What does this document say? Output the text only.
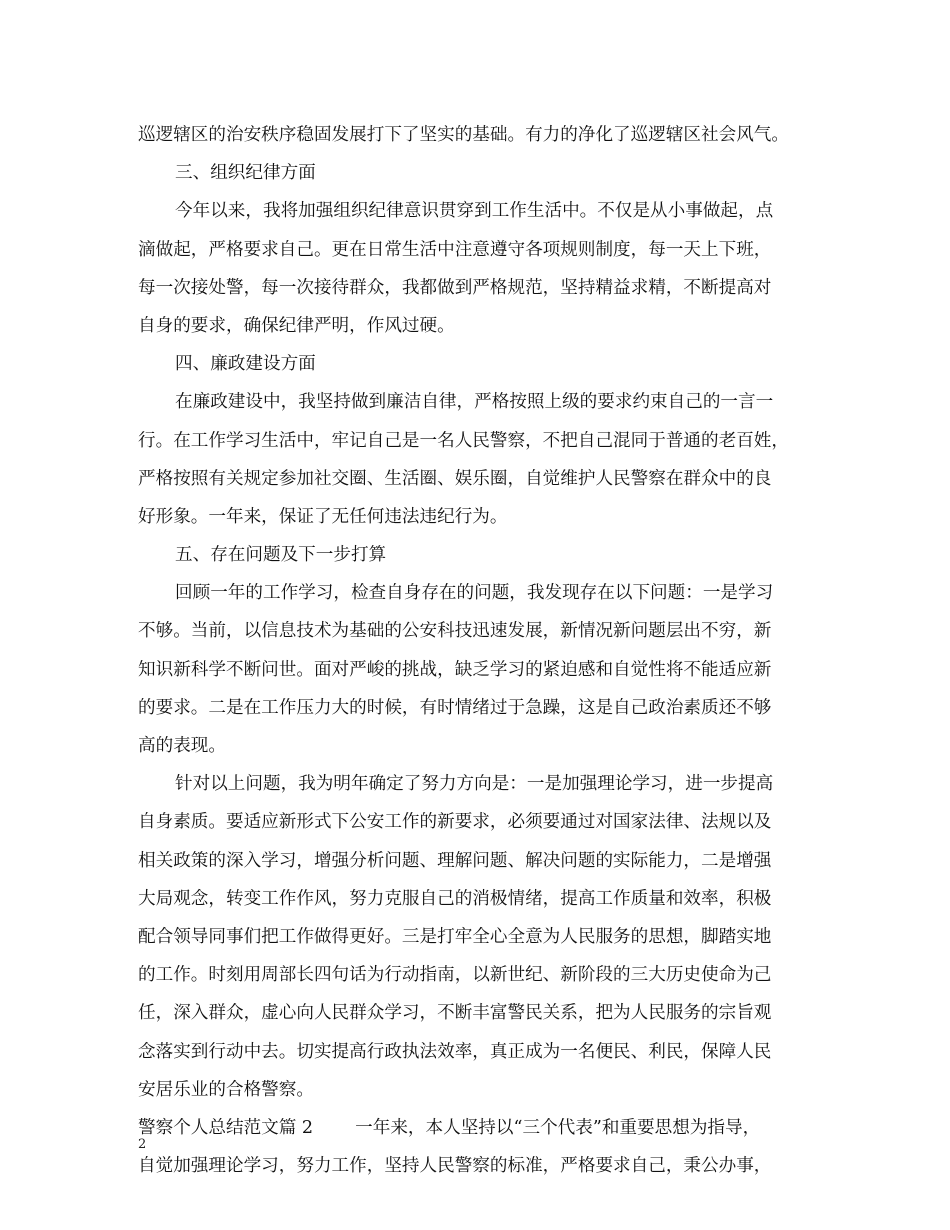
巡逻辖区的治安秩序稳固发展打下了坚实的基础。有力的净化了巡逻辖区社会风气。
三、组织纪律方面
今年以来，我将加强组织纪律意识贯穿到工作生活中。不仅是从小事做起，点
滴做起，严格要求自己。更在日常生活中注意遵守各项规则制度，每一天上下班，
每一次接处警，每一次接待群众，我都做到严格规范，坚持精益求精，不断提高对
自身的要求，确保纪律严明，作风过硬。
四、廉政建设方面
在廉政建设中，我坚持做到廉洁自律，严格按照上级的要求约束自己的一言一
行。在工作学习生活中，牢记自己是一名人民警察，不把自己混同于普通的老百姓，
严格按照有关规定参加社交圈、生活圈、娱乐圈，自觉维护人民警察在群众中的良
好形象。一年来，保证了无任何违法违纪行为。
五、存在问题及下一步打算
回顾一年的工作学习，检查自身存在的问题，我发现存在以下问题：一是学习
不够。当前，以信息技术为基础的公安科技迅速发展，新情况新问题层出不穷，新
知识新科学不断问世。面对严峻的挑战，缺乏学习的紧迫感和自觉性将不能适应新
的要求。二是在工作压力大的时候，有时情绪过于急躁，这是自己政治素质还不够
高的表现。
针对以上问题，我为明年确定了努力方向是：一是加强理论学习，进一步提高
自身素质。要适应新形式下公安工作的新要求，必须要通过对国家法律、法规以及
相关政策的深入学习，增强分析问题、理解问题、解决问题的实际能力，二是增强
大局观念，转变工作作风，努力克服自己的消极情绪，提高工作质量和效率，积极
配合领导同事们把工作做得更好。三是打牢全心全意为人民服务的思想，脚踏实地
的工作。时刻用周部长四句话为行动指南，以新世纪、新阶段的三大历史使命为己
任，深入群众，虚心向人民群众学习，不断丰富警民关系，把为人民服务的宗旨观
念落实到行动中去。切实提高行政执法效率，真正成为一名便民、利民，保障人民
安居乐业的合格警察。
警察个人总结范文篇 2 一年来，本人坚持以“三个代表”和重要思想为指导，
自觉加强理论学习，努力工作，坚持人民警察的标准，严格要求自己，秉公办事，
2
